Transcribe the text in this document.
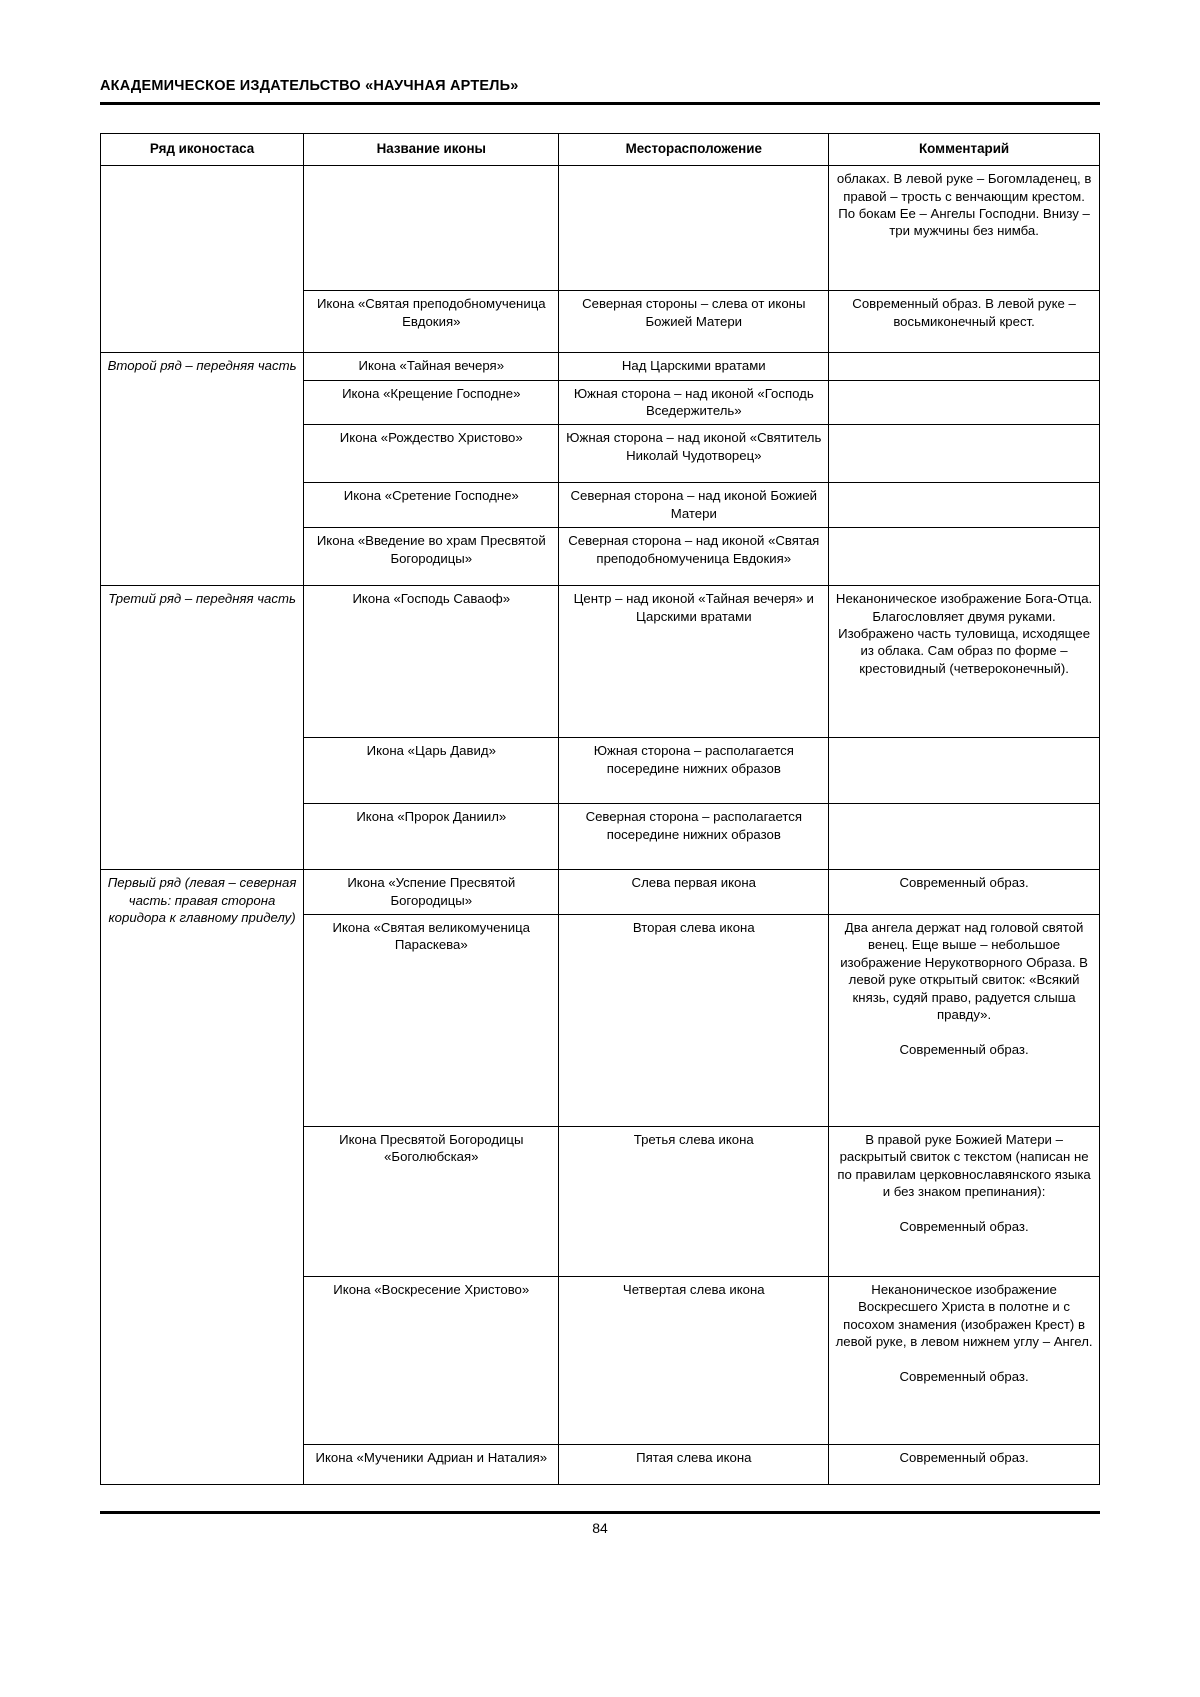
АКАДЕМИЧЕСКОЕ ИЗДАТЕЛЬСТВО «НАУЧНАЯ АРТЕЛЬ»
Ряд иконостаса	Название иконы	Месторасположение	Комментарий
			облаках. В левой руке – Богомладенец, в правой – трость с венчающим крестом. По бокам Ее – Ангелы Господни. Внизу – три мужчины без нимба.
	Икона «Святая преподобномученица Евдокия»	Северная стороны – слева от иконы Божией Матери	Современный образ. В левой руке – восьмиконечный крест.
Второй ряд – передняя часть	Икона «Тайная вечеря»	Над Царскими вратами	
	Икона «Крещение Господне»	Южная сторона – над иконой «Господь Вседержитель»	
	Икона «Рождество Христово»	Южная сторона – над иконой «Святитель Николай Чудотворец»	
	Икона «Сретение Господне»	Северная сторона – над иконой Божией Матери	
	Икона «Введение во храм Пресвятой Богородицы»	Северная сторона – над иконой «Святая преподобномученица Евдокия»	
Третий ряд – передняя часть	Икона «Господь Саваоф»	Центр – над иконой «Тайная вечеря» и Царскими вратами	Неканоническое изображение Бога-Отца. Благословляет двумя руками. Изображено часть туловища, исходящее из облака. Сам образ по форме – крестовидный (четвероконечный).
	Икона «Царь Давид»	Южная сторона – располагается посередине нижних образов	
	Икона «Пророк Даниил»	Северная сторона – располагается посередине нижних образов	
Первый ряд (левая – северная часть: правая сторона коридора к главному приделу)	Икона «Успение Пресвятой Богородицы»	Слева первая икона	Современный образ.
	Икона «Святая великомученица Параскева»	Вторая слева икона	Два ангела держат над головой святой венец. Еще выше – небольшое изображение Нерукотворного Образа. В левой руке открытый свиток: «Всякий князь, судяй право, радуется слыша правду».

Современный образ.
	Икона Пресвятой Богородицы «Боголюбская»	Третья слева икона	В правой руке Божией Матери – раскрытый свиток с текстом (написан не по правилам церковнославянского языка и без знаком препинания):

Современный образ.
	Икона «Воскресение Христово»	Четвертая слева икона	Неканоническое изображение Воскресшего Христа в полотне и с посохом знамения (изображен Крест) в левой руке, в левом нижнем углу – Ангел.

Современный образ.
	Икона «Мученики Адриан и Наталия»	Пятая слева икона	Современный образ.
84
